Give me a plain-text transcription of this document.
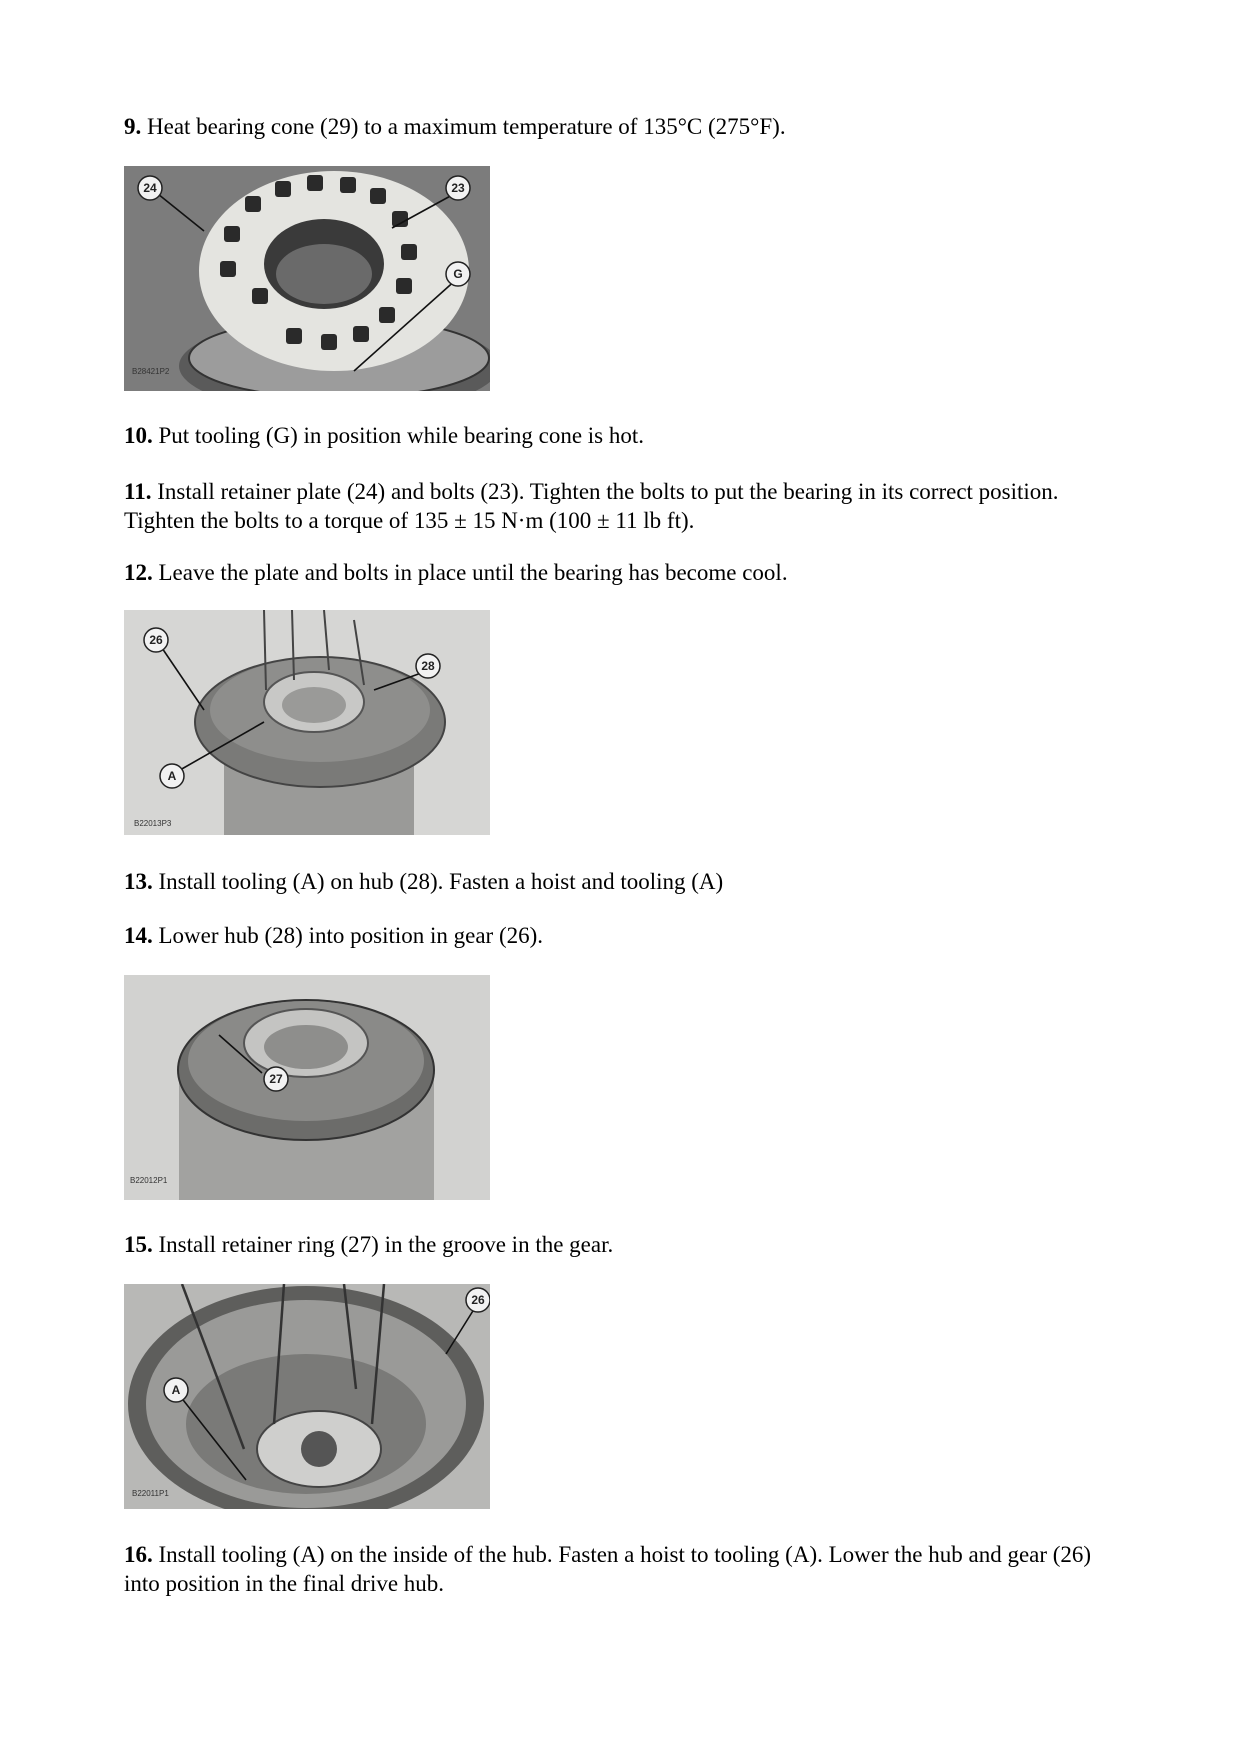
9. Heat bearing cone (29) to a maximum temperature of 135°C (275°F).

24	23
G
B28421P2

10. Put tooling (G) in position while bearing cone is hot.

11. Install retainer plate (24) and bolts (23). Tighten the bolts to put the bearing in its correct position. Tighten the bolts to a torque of 135 ± 15 N·m (100 ± 11 lb ft).

12. Leave the plate and bolts in place until the bearing has become cool.

26
28
A
B22013P3

13. Install tooling (A) on hub (28). Fasten a hoist and tooling (A)

14. Lower hub (28) into position in gear (26).

27
B22012P1

15. Install retainer ring (27) in the groove in the gear.

26
A
B22011P1

16. Install tooling (A) on the inside of the hub. Fasten a hoist to tooling (A). Lower the hub and gear (26) into position in the final drive hub.
